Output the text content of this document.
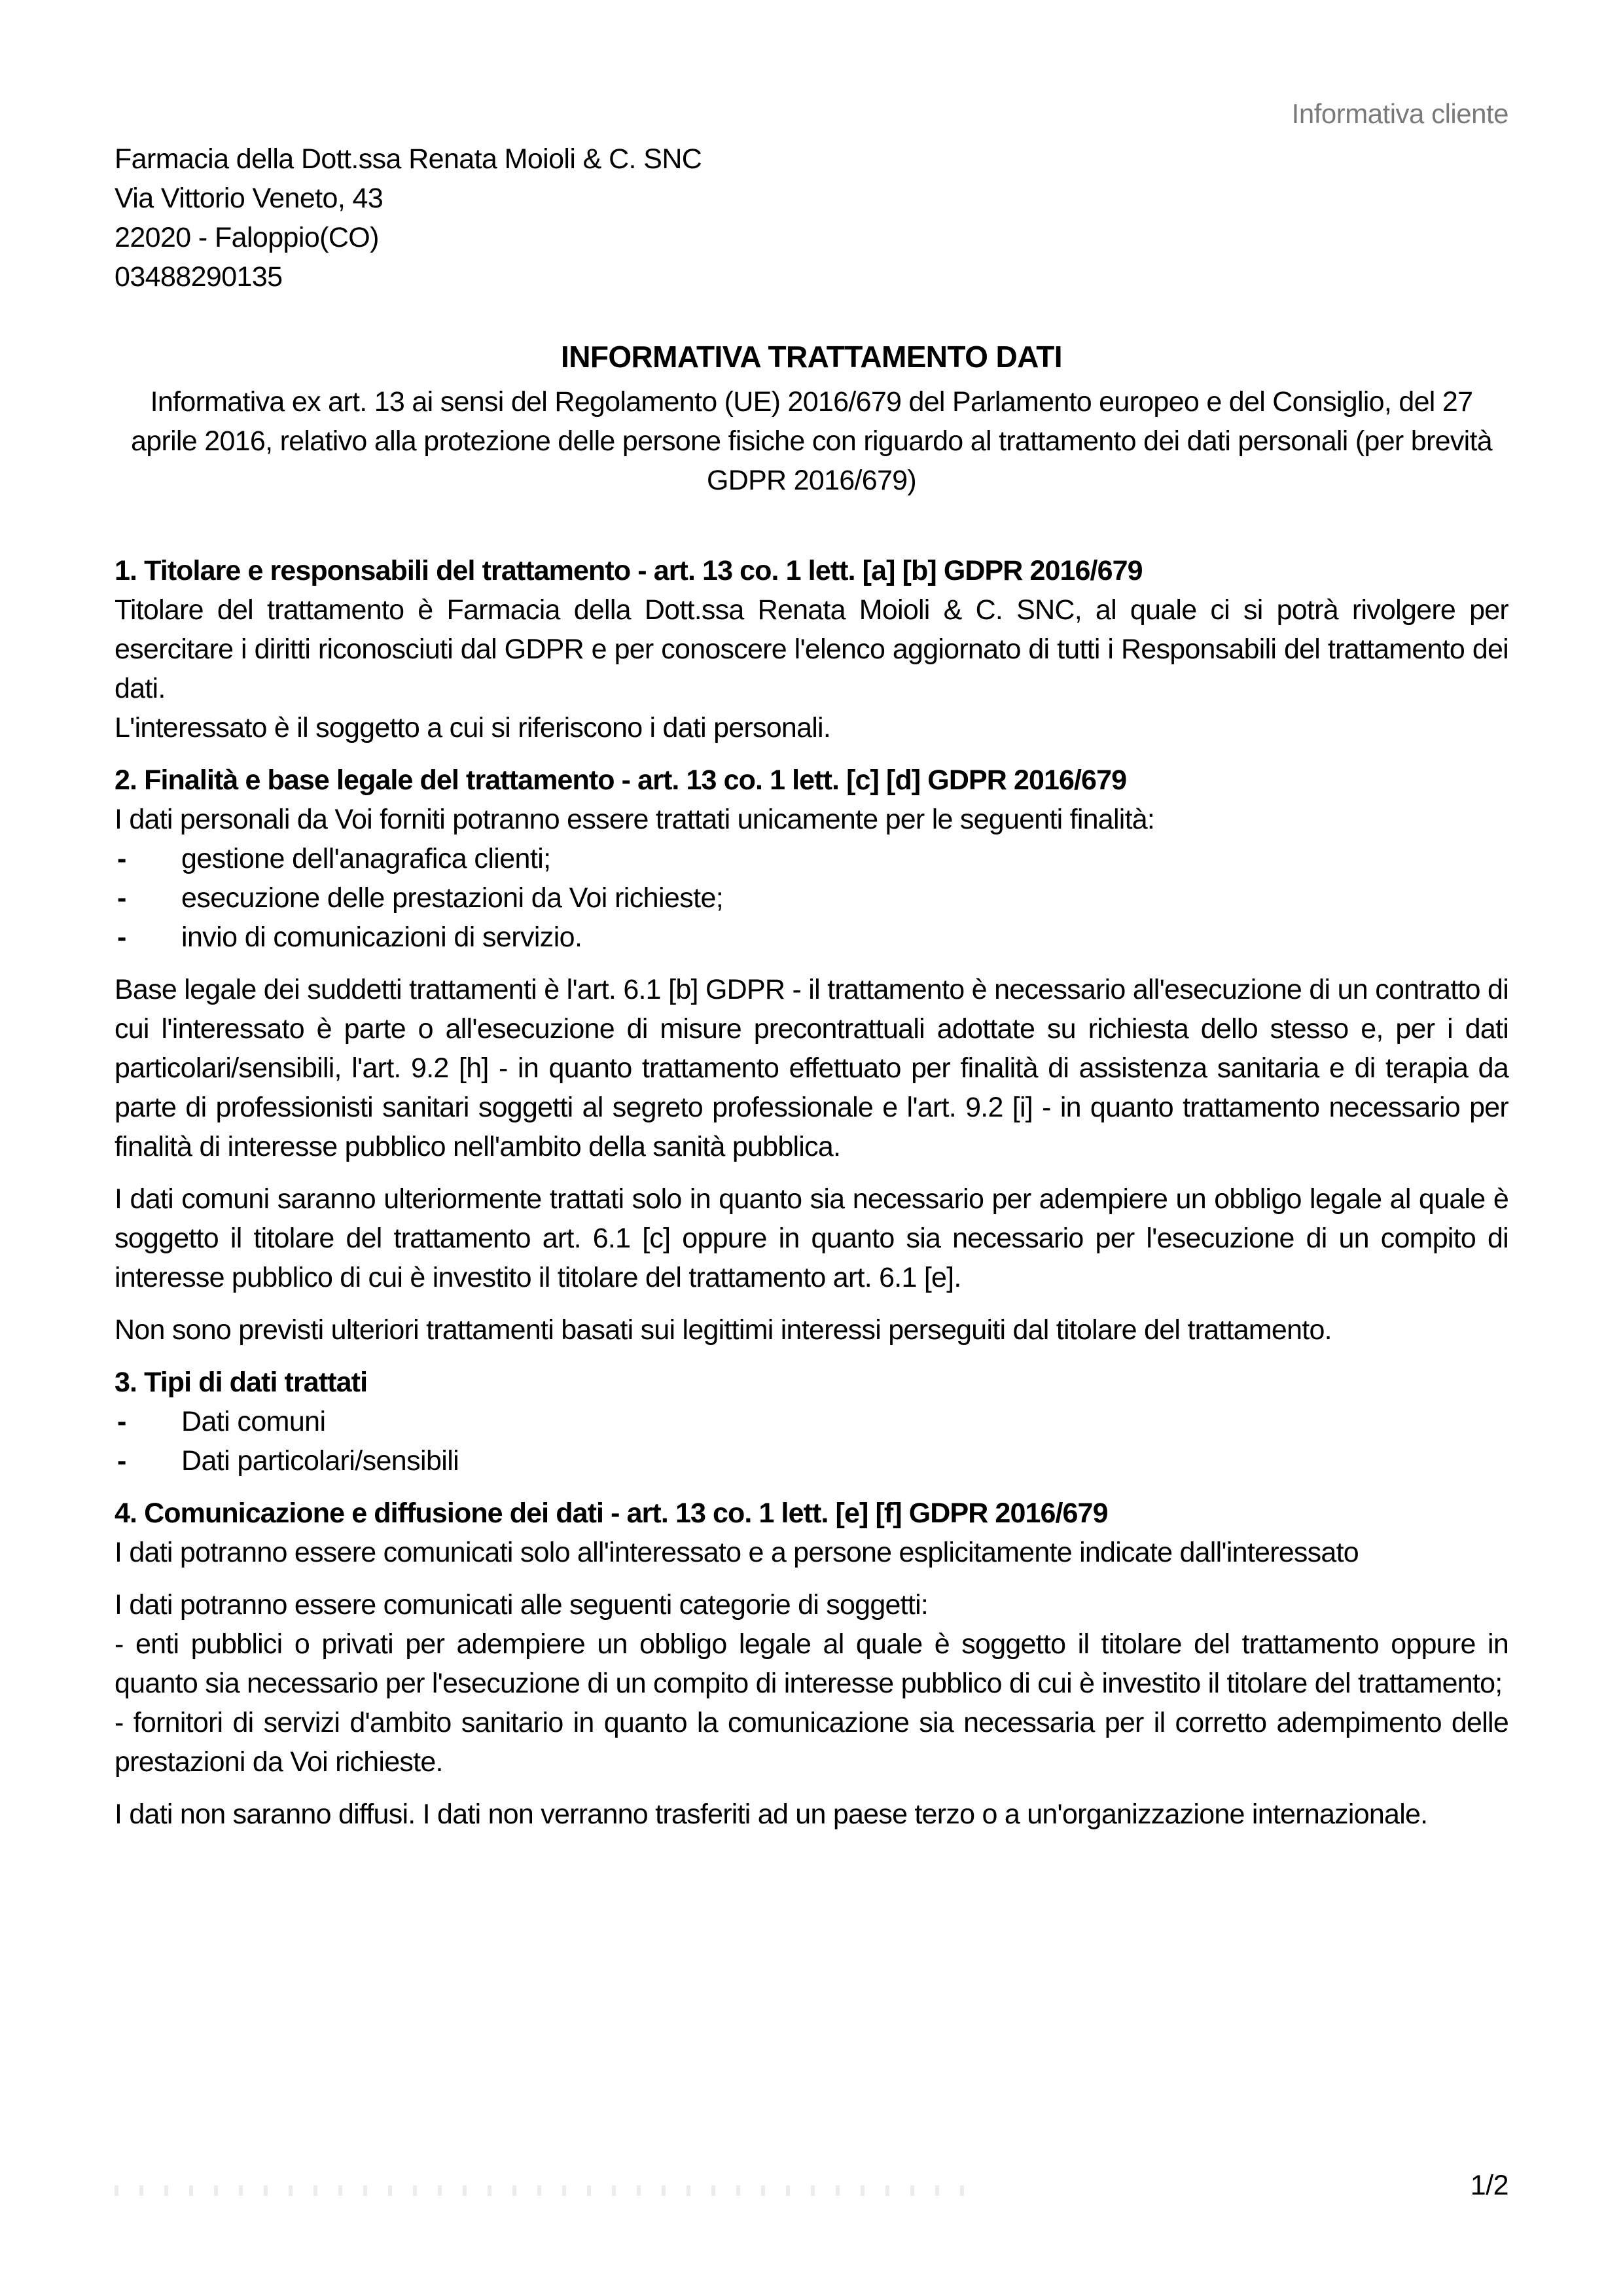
Informativa cliente
Farmacia della Dott.ssa Renata Moioli & C. SNC
Via Vittorio Veneto, 43
22020 - Faloppio(CO)
03488290135
INFORMATIVA TRATTAMENTO DATI

Informativa ex art. 13 ai sensi del Regolamento (UE) 2016/679 del Parlamento europeo e del Consiglio, del 27 aprile 2016, relativo alla protezione delle persone fisiche con riguardo al trattamento dei dati personali (per brevità GDPR 2016/679)

1. Titolare e responsabili del trattamento - art. 13 co. 1 lett. [a] [b] GDPR 2016/679

Titolare del trattamento è Farmacia della Dott.ssa Renata Moioli & C. SNC, al quale ci si potrà rivolgere per esercitare i diritti riconosciuti dal GDPR e per conoscere l'elenco aggiornato di tutti i Responsabili del trattamento dei dati.

L'interessato è il soggetto a cui si riferiscono i dati personali.

2. Finalità e base legale del trattamento - art. 13 co. 1 lett. [c] [d] GDPR 2016/679
I dati personali da Voi forniti potranno essere trattati unicamente per le seguenti finalità:
- gestione dell'anagrafica clienti;
- esecuzione delle prestazioni da Voi richieste;
- invio di comunicazioni di servizio.

Base legale dei suddetti trattamenti è l'art. 6.1 [b] GDPR - il trattamento è necessario all'esecuzione di un contratto di cui l'interessato è parte o all'esecuzione di misure precontrattuali adottate su richiesta dello stesso e, per i dati particolari/sensibili, l'art. 9.2 [h] - in quanto trattamento effettuato per finalità di assistenza sanitaria e di terapia da parte di professionisti sanitari soggetti al segreto professionale e l'art. 9.2 [i] - in quanto trattamento necessario per finalità di interesse pubblico nell'ambito della sanità pubblica.

I dati comuni saranno ulteriormente trattati solo in quanto sia necessario per adempiere un obbligo legale al quale è soggetto il titolare del trattamento art. 6.1 [c] oppure in quanto sia necessario per l'esecuzione di un compito di interesse pubblico di cui è investito il titolare del trattamento art. 6.1 [e].

Non sono previsti ulteriori trattamenti basati sui legittimi interessi perseguiti dal titolare del trattamento.

3. Tipi di dati trattati
- Dati comuni
- Dati particolari/sensibili
4. Comunicazione e diffusione dei dati - art. 13 co. 1 lett. [e] [f] GDPR 2016/679

I dati potranno essere comunicati solo all'interessato e a persone esplicitamente indicate dall'interessato

I dati potranno essere comunicati alle seguenti categorie di soggetti:

- enti pubblici o privati per adempiere un obbligo legale al quale è soggetto il titolare del trattamento oppure in quanto sia necessario per l'esecuzione di un compito di interesse pubblico di cui è investito il titolare del trattamento;

- fornitori di servizi d'ambito sanitario in quanto la comunicazione sia necessaria per il corretto adempimento delle prestazioni da Voi richieste.

I dati non saranno diffusi. I dati non verranno trasferiti ad un paese terzo o a un'organizzazione internazionale.

1/2
